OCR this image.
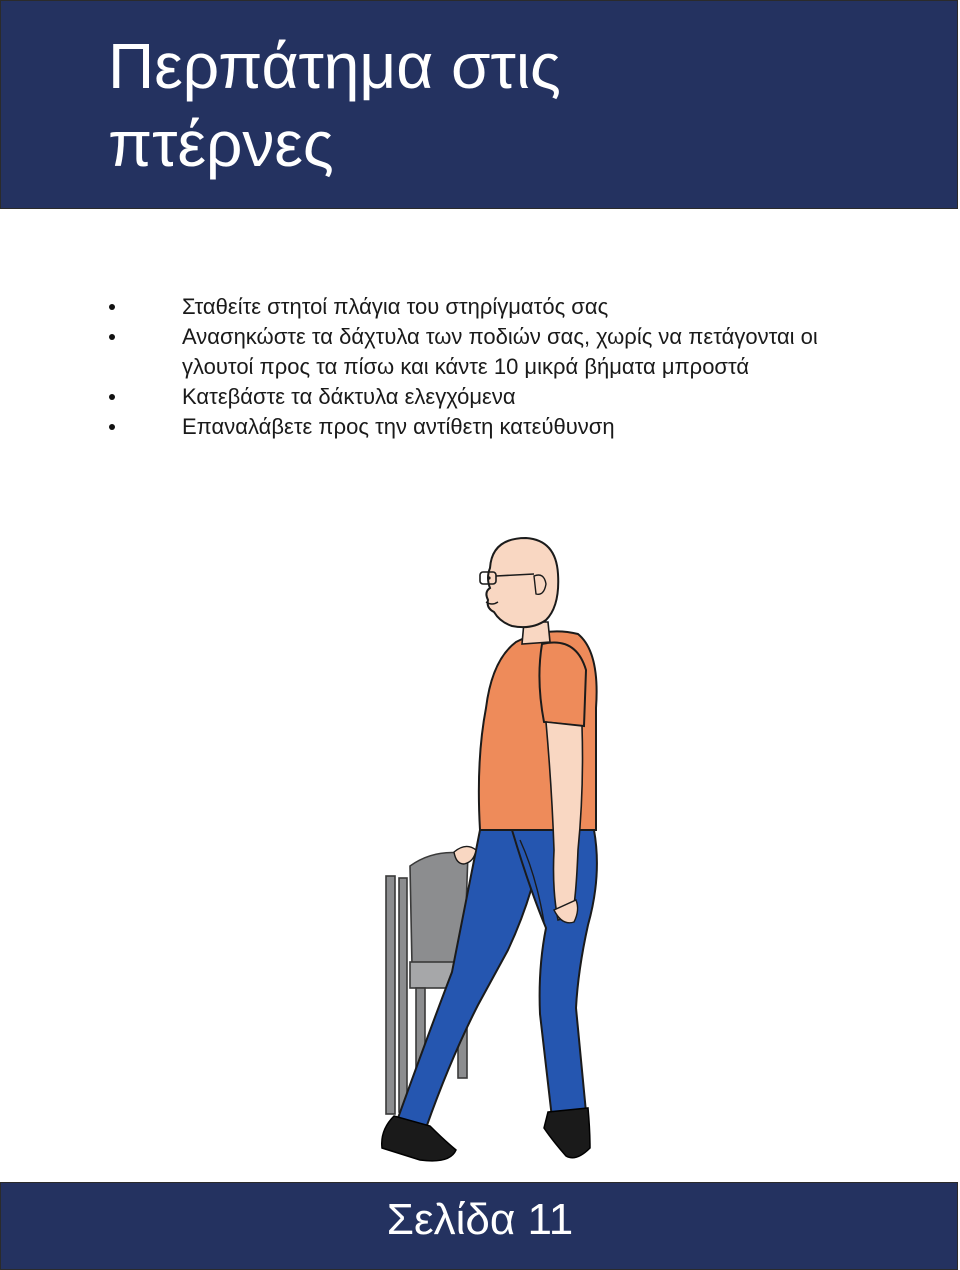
Περπάτημα στις πτέρνες
Σταθείτε στητοί πλάγια του στηρίγματός σας
Ανασηκώστε τα δάχτυλα των ποδιών σας, χωρίς να πετάγονται οι γλουτοί προς τα πίσω και κάντε 10 μικρά βήματα μπροστά
Κατεβάστε τα δάκτυλα ελεγχόμενα
Επαναλάβετε προς την αντίθετη κατεύθυνση
Σελίδα 11
